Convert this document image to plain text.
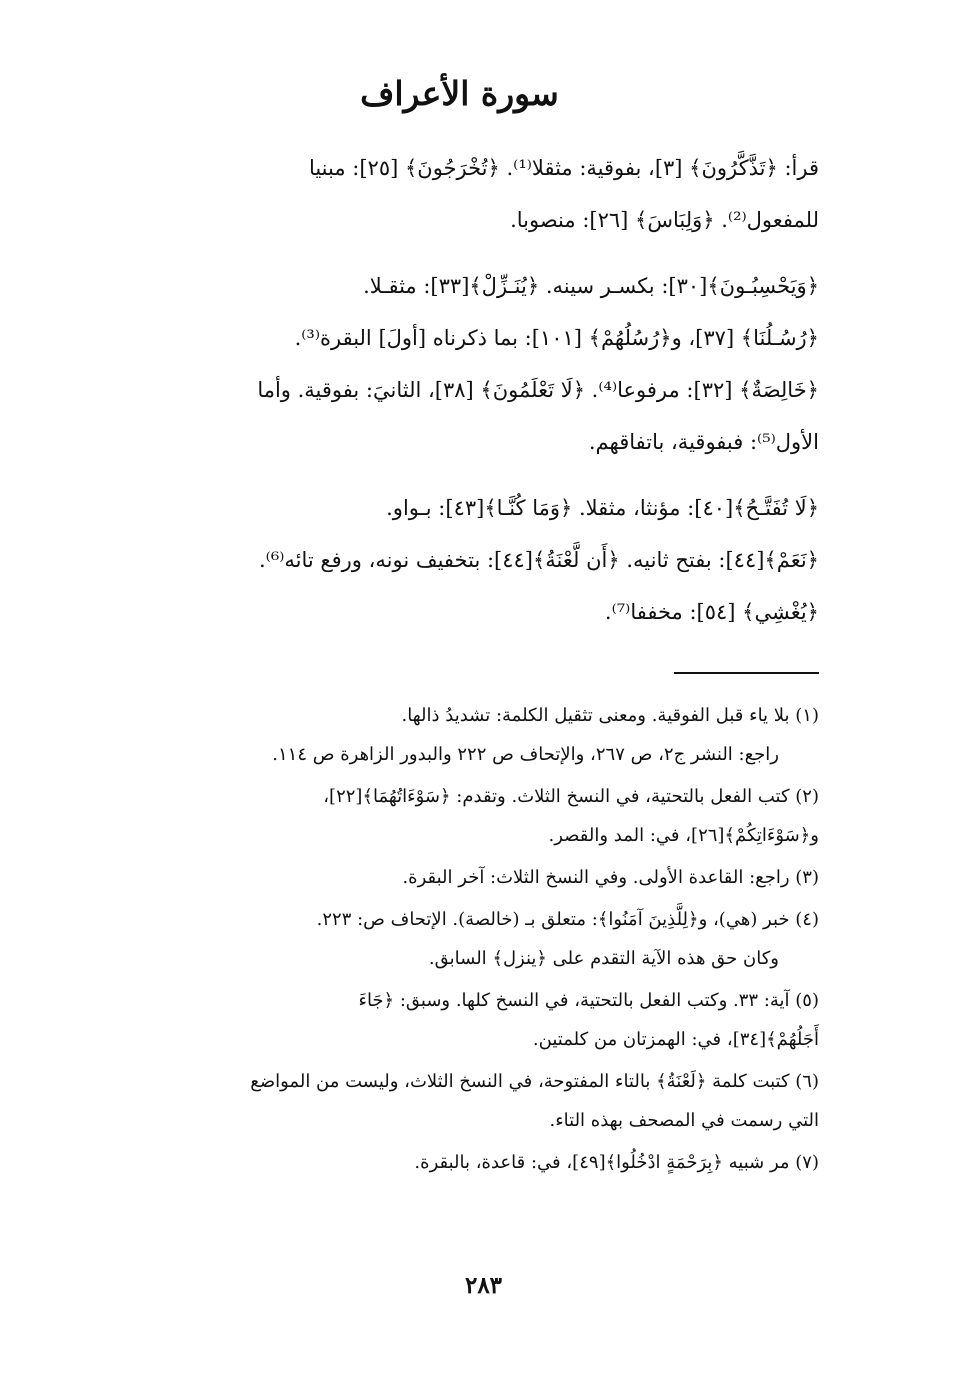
سورة الأعراف
قرأ: ﴿تَذَّكَّرُونَ﴾ [٣]، بفوقية: مثقلا⁽¹⁾. ﴿تُخْرَجُونَ﴾ [٢٥]: مبنيا
للمفعول⁽²⁾. ﴿وَلِبَاسَ﴾ [٢٦]: منصوبا.
﴿وَيَحْسِبُـونَ﴾[٣٠]: بكسـر سينه. ﴿يُنَـزِّلْ﴾[٣٣]: مثقـلا.
﴿رُسُـلُنَا﴾ [٣٧]، و﴿رُسُلُهُمْ﴾ [١٠١]: بما ذكرناه [أولَ] البقرة⁽³⁾.
﴿خَالِصَةٌ﴾ [٣٢]: مرفوعا⁽⁴⁾. ﴿لَا تَعْلَمُونَ﴾ [٣٨]، الثانيَ: بفوقية. وأما
الأول⁽⁵⁾: فبفوقية، باتفاقهم.
﴿لَا تُفَتَّـحُ﴾[٤٠]: مؤنثا، مثقلا. ﴿وَمَا كُنَّـا﴾[٤٣]: بـواو.
﴿نَعَمْ﴾[٤٤]: بفتح ثانيه. ﴿أَن لَّعْنَةُ﴾[٤٤]: بتخفيف نونه، ورفع تائه⁽⁶⁾.
﴿يُغْشِي﴾ [٥٤]: مخففا⁽⁷⁾.
(١) بلا ياء قبل الفوقية. ومعنى تثقيل الكلمة: تشديدُ ذالها.
راجع: النشر ج٢، ص ٢٦٧، والإتحاف ص ٢٢٢ والبدور الزاهرة ص ١١٤.
(٢) كتب الفعل بالتحتية، في النسخ الثلاث. وتقدم: ﴿سَوْءَاتُهُمَا﴾[٢٢]،
و﴿سَوْءَاتِكُمْ﴾[٢٦]، في: المد والقصر.
(٣) راجع: القاعدة الأولى. وفي النسخ الثلاث: آخر البقرة.
(٤) خبر (هي)، و﴿لِلَّذِينَ آمَنُوا﴾: متعلق بـ (خالصة). الإتحاف ص: ٢٢٣.
وكان حق هذه الآية التقدم على ﴿ينزل﴾ السابق.
(٥) آية: ٣٣. وكتب الفعل بالتحتية، في النسخ كلها. وسبق: ﴿جَاءَ
أَجَلُهُمْ﴾[٣٤]، في: الهمزتان من كلمتين.
(٦) كتبت كلمة ﴿لَعْنَةُ﴾ بالتاء المفتوحة، في النسخ الثلاث، وليست من المواضع
التي رسمت في المصحف بهذه التاء.
(٧) مر شبيه ﴿بِرَحْمَةٍ ادْخُلُوا﴾[٤٩]، في: قاعدة، بالبقرة.
٢٨٣
